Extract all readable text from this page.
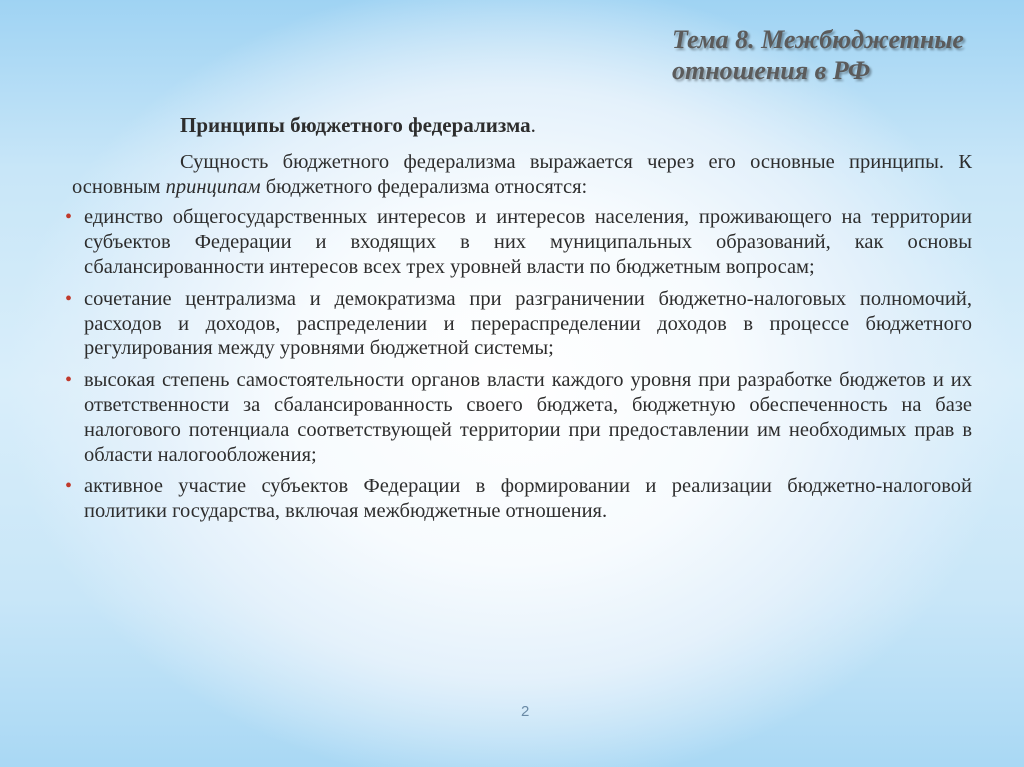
Тема 8. Межбюджетные
отношения в РФ
Принципы бюджетного федерализма.

Сущность бюджетного федерализма выражается через его основные принципы. К основным принципам бюджетного федерализма относятся:

• единство общегосударственных интересов и интересов населения, проживающего на территории субъектов Федерации и входящих в них муниципальных образований, как основы сбалансированности интересов всех трех уровней власти по бюджетным вопросам;
• сочетание централизма и демократизма при разграничении бюджетно-налоговых полномочий, расходов и доходов, распределении и перераспределении доходов в процессе бюджетного регулирования между уровнями бюджетной системы;
• высокая степень самостоятельности органов власти каждого уровня при разработке бюджетов и их ответственности за сбалансированность своего бюджета, бюджетную обеспеченность на базе налогового потенциала соответствующей территории при предоставлении им необходимых прав в области налогообложения;
• активное участие субъектов Федерации в формировании и реализации бюджетно-налоговой политики государства, включая межбюджетные отношения.
2
